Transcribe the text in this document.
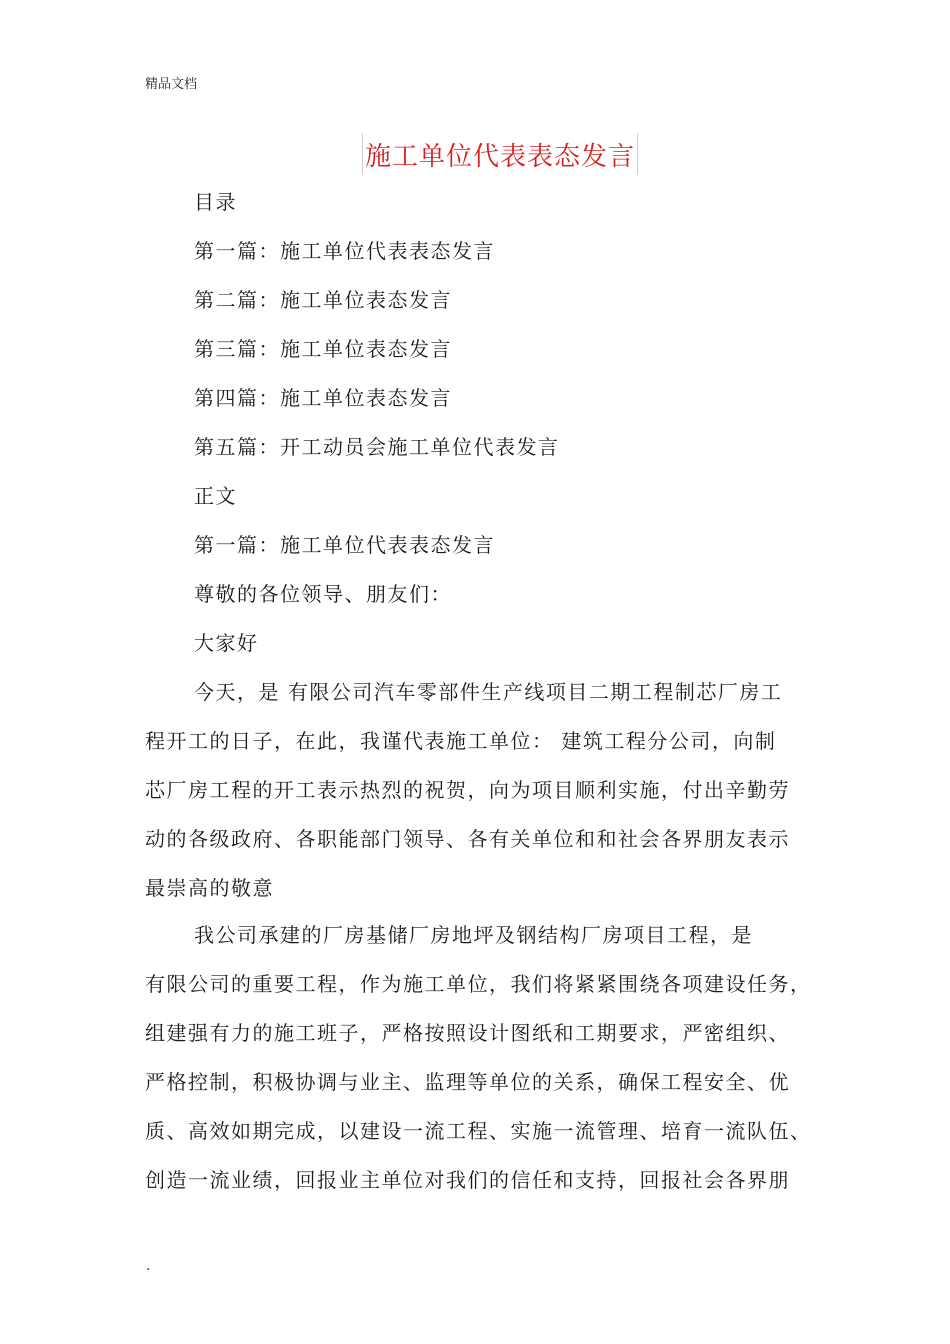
精品文档
施工单位代表表态发言
目录
第一篇：施工单位代表表态发言
第二篇：施工单位表态发言
第三篇：施工单位表态发言
第四篇：施工单位表态发言
第五篇：开工动员会施工单位代表发言
正文
第一篇：施工单位代表表态发言
尊敬的各位领导、朋友们：
大家好
今天，是 有限公司汽车零部件生产线项目二期工程制芯厂房工
程开工的日子，在此，我谨代表施工单位： 建筑工程分公司，向制
芯厂房工程的开工表示热烈的祝贺，向为项目顺利实施，付出辛勤劳
动的各级政府、各职能部门领导、各有关单位和和社会各界朋友表示
最崇高的敬意
我公司承建的厂房基储厂房地坪及钢结构厂房项目工程，是
有限公司的重要工程，作为施工单位，我们将紧紧围绕各项建设任务，
组建强有力的施工班子，严格按照设计图纸和工期要求，严密组织、
严格控制，积极协调与业主、监理等单位的关系，确保工程安全、优
质、高效如期完成，以建设一流工程、实施一流管理、培育一流队伍、
创造一流业绩，回报业主单位对我们的信任和支持，回报社会各界朋
.
